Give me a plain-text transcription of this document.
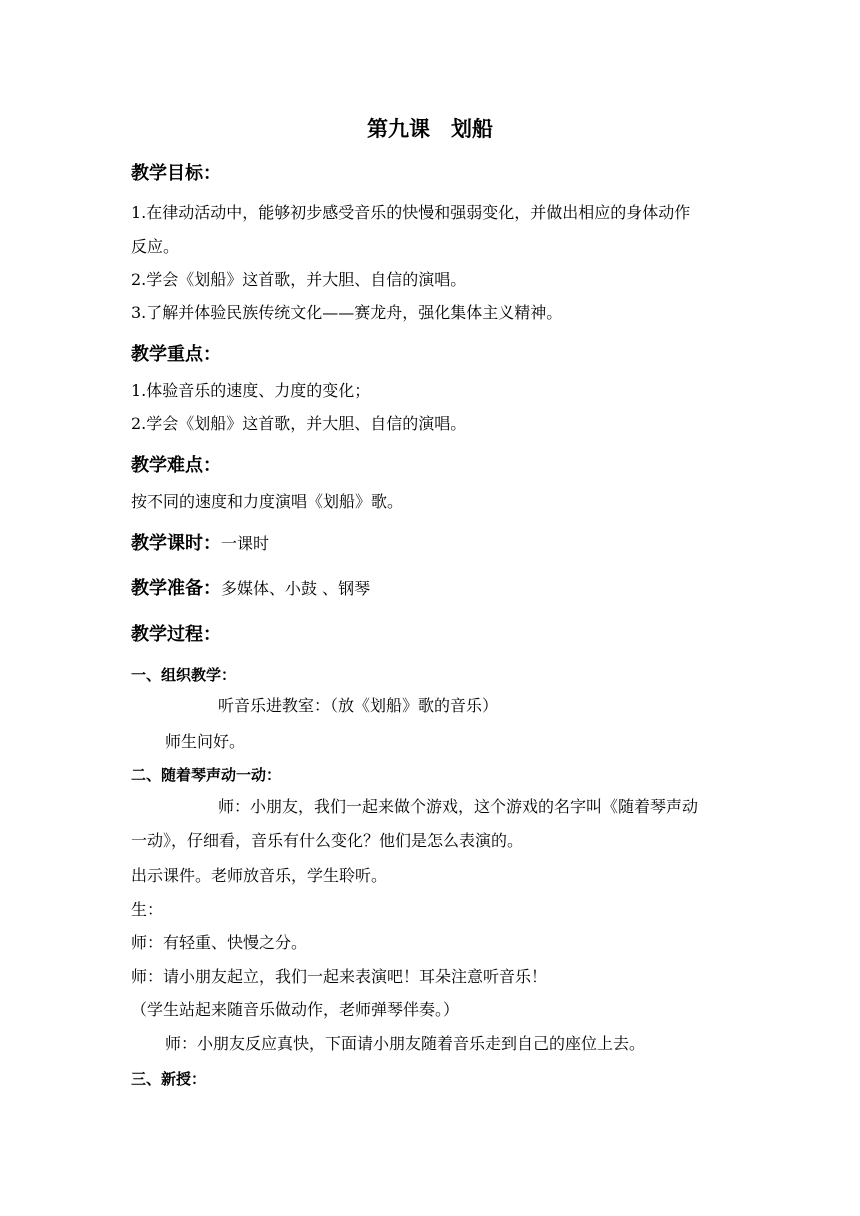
第九课　划船
教学目标：
1.在律动活动中，能够初步感受音乐的快慢和强弱变化，并做出相应的身体动作
反应。
2.学会《划船》这首歌，并大胆、自信的演唱。
3.了解并体验民族传统文化——赛龙舟，强化集体主义精神。
教学重点：
1.体验音乐的速度、力度的变化；
2.学会《划船》这首歌，并大胆、自信的演唱。
教学难点：
按不同的速度和力度演唱《划船》歌。
教学课时：一课时
教学准备：多媒体、小鼓 、钢琴
教学过程：
一、组织教学：
听音乐进教室：（放《划船》歌的音乐）
师生问好。
二、随着琴声动一动：
师：小朋友，我们一起来做个游戏，这个游戏的名字叫《随着琴声动
一动》，仔细看，音乐有什么变化？他们是怎么表演的。
出示课件。老师放音乐，学生聆听。
生：
师：有轻重、快慢之分。
师：请小朋友起立，我们一起来表演吧！耳朵注意听音乐！
（学生站起来随音乐做动作，老师弹琴伴奏。）
师：小朋友反应真快，下面请小朋友随着音乐走到自己的座位上去。
三、新授：
